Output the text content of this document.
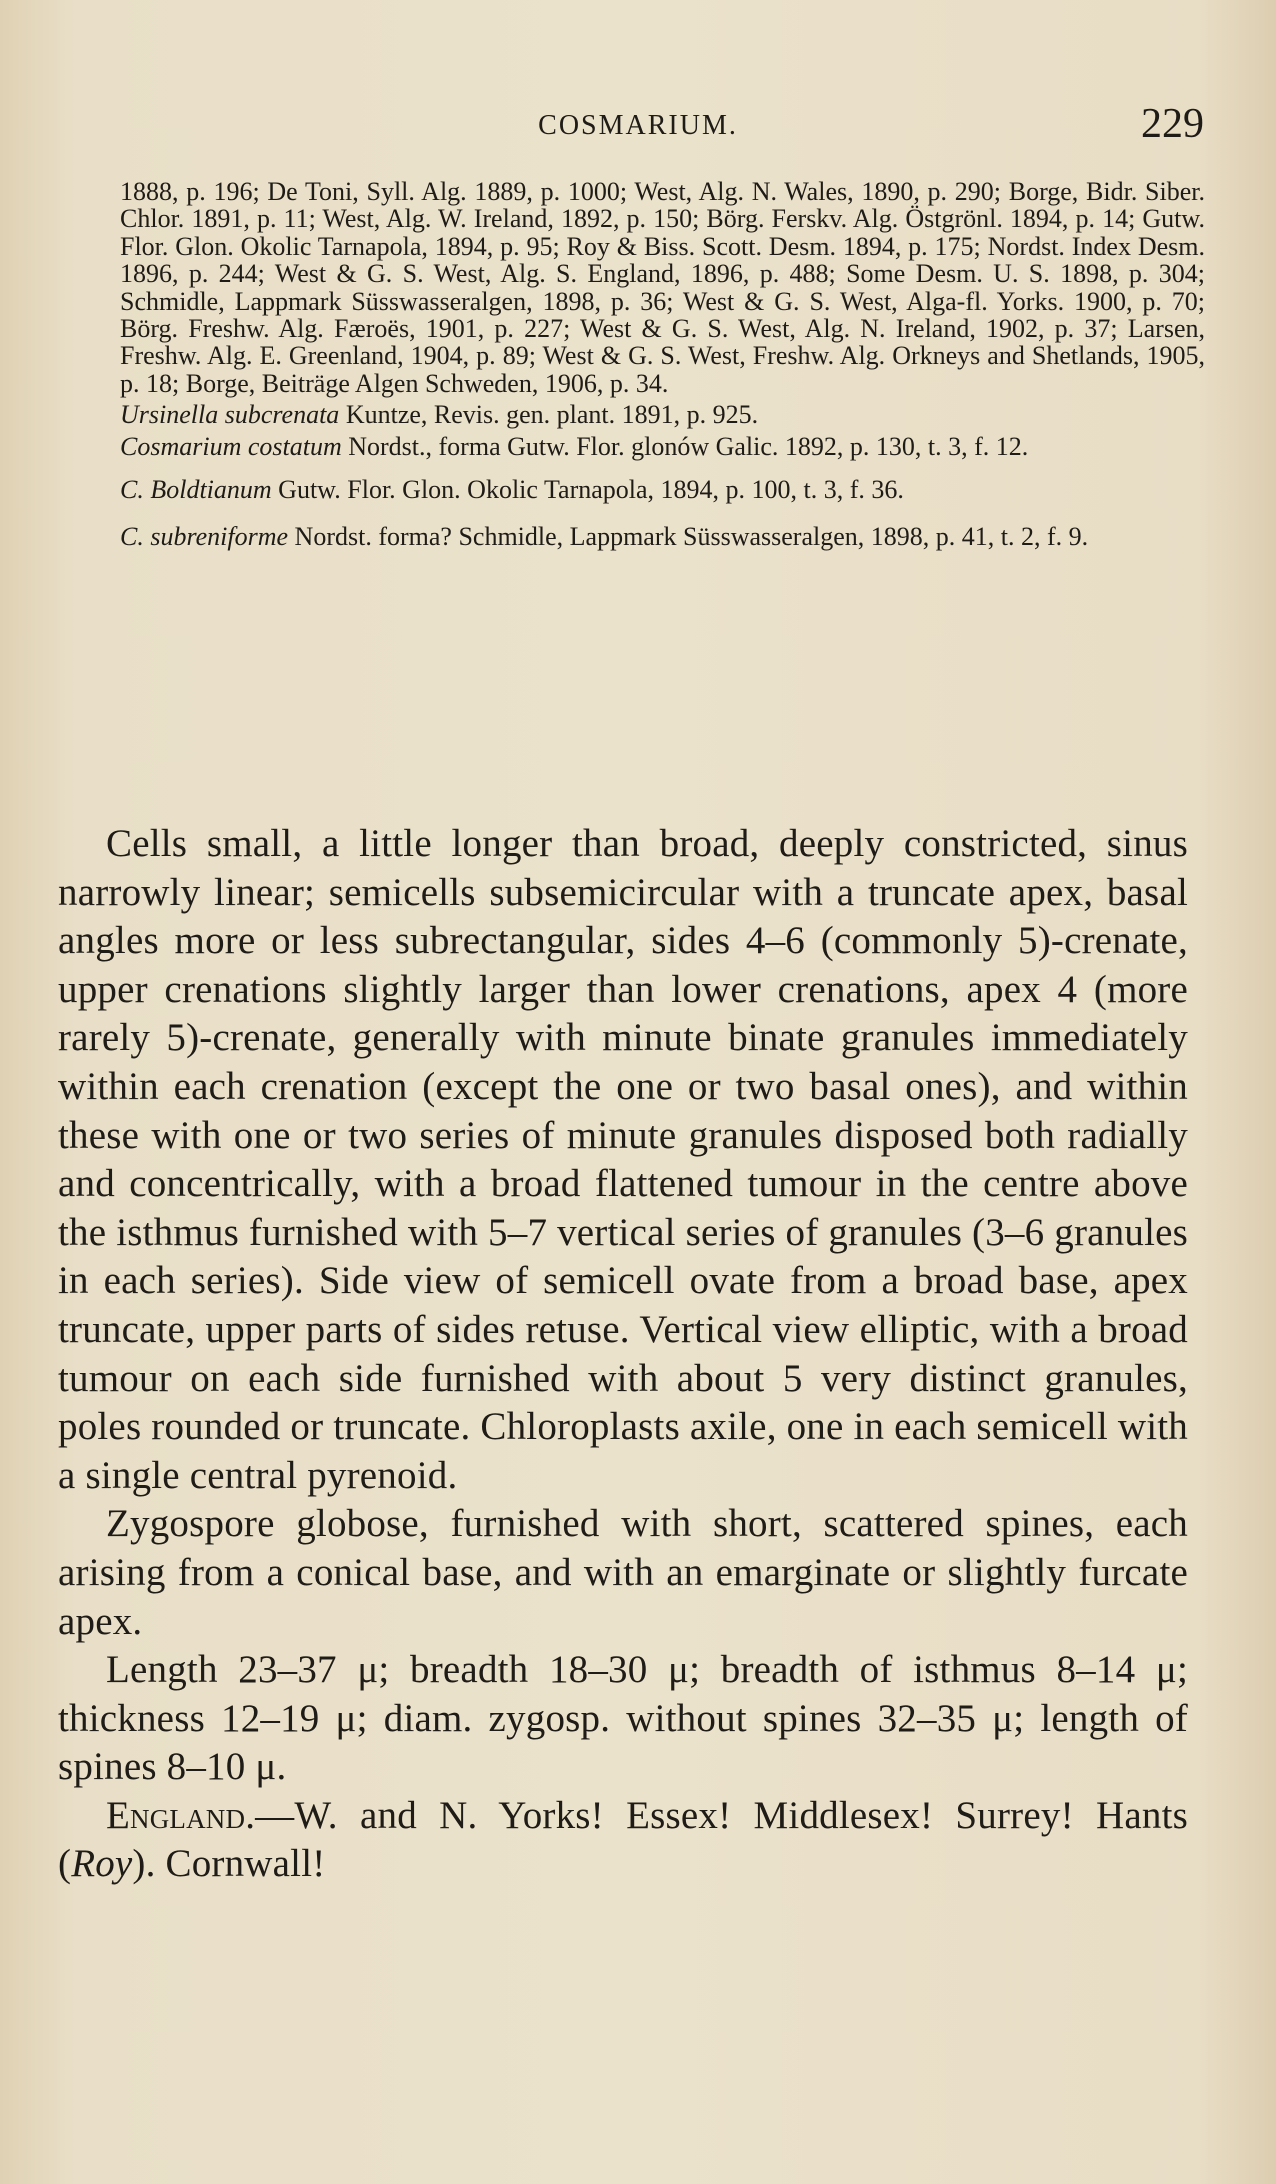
COSMARIUM.	229

1888, p. 196; De Toni, Syll. Alg. 1889, p. 1000; West, Alg. N. Wales, 1890, p. 290; Borge, Bidr. Siber. Chlor. 1891, p. 11; West, Alg. W. Ireland, 1892, p. 150; Börg. Ferskv. Alg. Östgrönl. 1894, p. 14; Gutw. Flor. Glon. Okolic Tarnapola, 1894, p. 95; Roy & Biss. Scott. Desm. 1894, p. 175; Nordst. Index Desm. 1896, p. 244; West & G. S. West, Alg. S. England, 1896, p. 488; Some Desm. U. S. 1898, p. 304; Schmidle, Lappmark Süsswasseralgen, 1898, p. 36; West & G. S. West, Alga-fl. Yorks. 1900, p. 70; Börg. Freshw. Alg. Færoës, 1901, p. 227; West & G. S. West, Alg. N. Ireland, 1902, p. 37; Larsen, Freshw. Alg. E. Greenland, 1904, p. 89; West & G. S. West, Freshw. Alg. Orkneys and Shetlands, 1905, p. 18; Borge, Beiträge Algen Schweden, 1906, p. 34.

Ursinella subcrenata Kuntze, Revis. gen. plant. 1891, p. 925.

Cosmarium costatum Nordst., forma Gutw. Flor. glonów Galic. 1892, p. 130, t. 3, f. 12.

C. Boldtianum Gutw. Flor. Glon. Okolic Tarnapola, 1894, p. 100, t. 3, f. 36.

C. subreniforme Nordst. forma? Schmidle, Lappmark Süsswasseralgen, 1898, p. 41, t. 2, f. 9.

Cells small, a little longer than broad, deeply constricted, sinus narrowly linear; semicells subsemicircular with a truncate apex, basal angles more or less subrectangular, sides 4–6 (commonly 5)-crenate, upper crenations slightly larger than lower crenations, apex 4 (more rarely 5)-crenate, generally with minute binate granules immediately within each crenation (except the one or two basal ones), and within these with one or two series of minute granules disposed both radially and concentrically, with a broad flattened tumour in the centre above the isthmus furnished with 5–7 vertical series of granules (3–6 granules in each series). Side view of semicell ovate from a broad base, apex truncate, upper parts of sides retuse. Vertical view elliptic, with a broad tumour on each side furnished with about 5 very distinct granules, poles rounded or truncate. Chloroplasts axile, one in each semicell with a single central pyrenoid.

Zygospore globose, furnished with short, scattered spines, each arising from a conical base, and with an emarginate or slightly furcate apex.

Length 23–37 μ; breadth 18–30 μ; breadth of isthmus 8–14 μ; thickness 12–19 μ; diam. zygosp. without spines 32–35 μ; length of spines 8–10 μ.

England.—W. and N. Yorks! Essex! Middlesex! Surrey! Hants (Roy). Cornwall!
